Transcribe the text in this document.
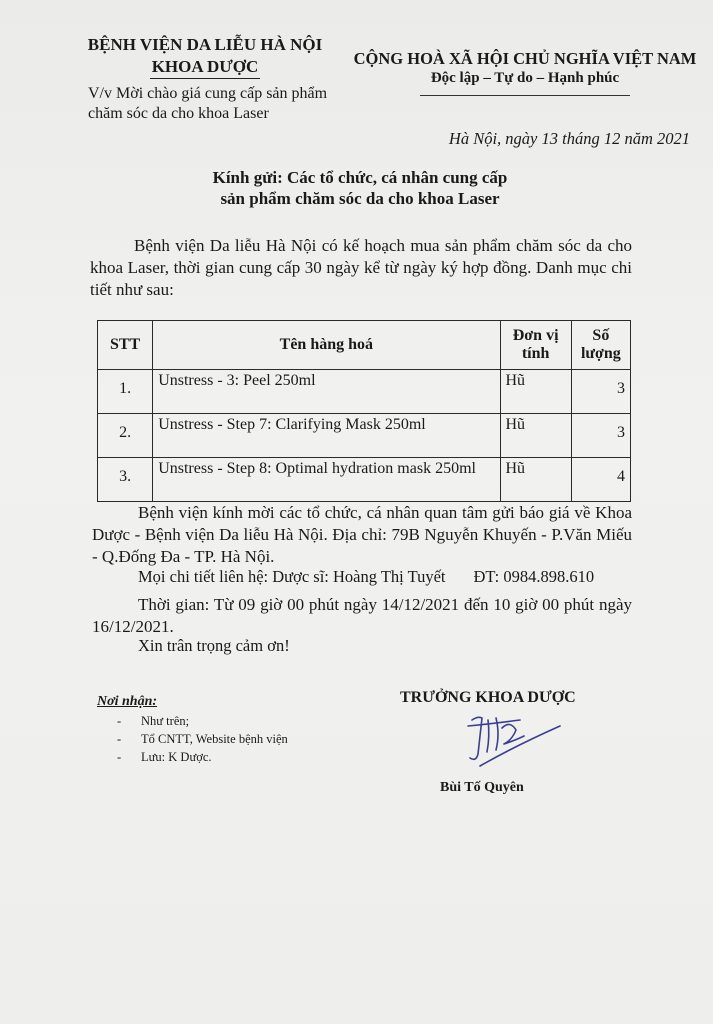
BỆNH VIỆN DA LIỄU HÀ NỘI
KHOA DƯỢC	CỘNG HOÀ XÃ HỘI CHỦ NGHĨA VIỆT NAM
Độc lập – Tự do – Hạnh phúc
V/v Mời chào giá cung cấp sản phẩm chăm sóc da cho khoa Laser
Hà Nội, ngày 13 tháng 12 năm 2021
Kính gửi: Các tổ chức, cá nhân cung cấp
sản phẩm chăm sóc da cho khoa Laser
Bệnh viện Da liễu Hà Nội có kế hoạch mua sản phẩm chăm sóc da cho khoa Laser, thời gian cung cấp 30 ngày kể từ ngày ký hợp đồng. Danh mục chi tiết như sau:
STT	Tên hàng hoá	Đơn vị tính	Số lượng
1.	Unstress - 3: Peel 250ml	Hũ	3
2.	Unstress - Step 7: Clarifying Mask 250ml	Hũ	3
3.	Unstress - Step 8: Optimal hydration mask 250ml	Hũ	4
Bệnh viện kính mời các tổ chức, cá nhân quan tâm gửi báo giá về Khoa Dược - Bệnh viện Da liễu Hà Nội. Địa chỉ: 79B Nguyễn Khuyến - P.Văn Miếu - Q.Đống Đa - TP. Hà Nội.
Mọi chi tiết liên hệ: Dược sĩ: Hoàng Thị Tuyết ĐT: 0984.898.610
Thời gian: Từ 09 giờ 00 phút ngày 14/12/2021 đến 10 giờ 00 phút ngày 16/12/2021.
Xin trân trọng cảm ơn!
Nơi nhận:
- Như trên;
- Tổ CNTT, Website bệnh viện
- Lưu: K Dược.
TRƯỞNG KHOA DƯỢC
Bùi Tố Quyên
